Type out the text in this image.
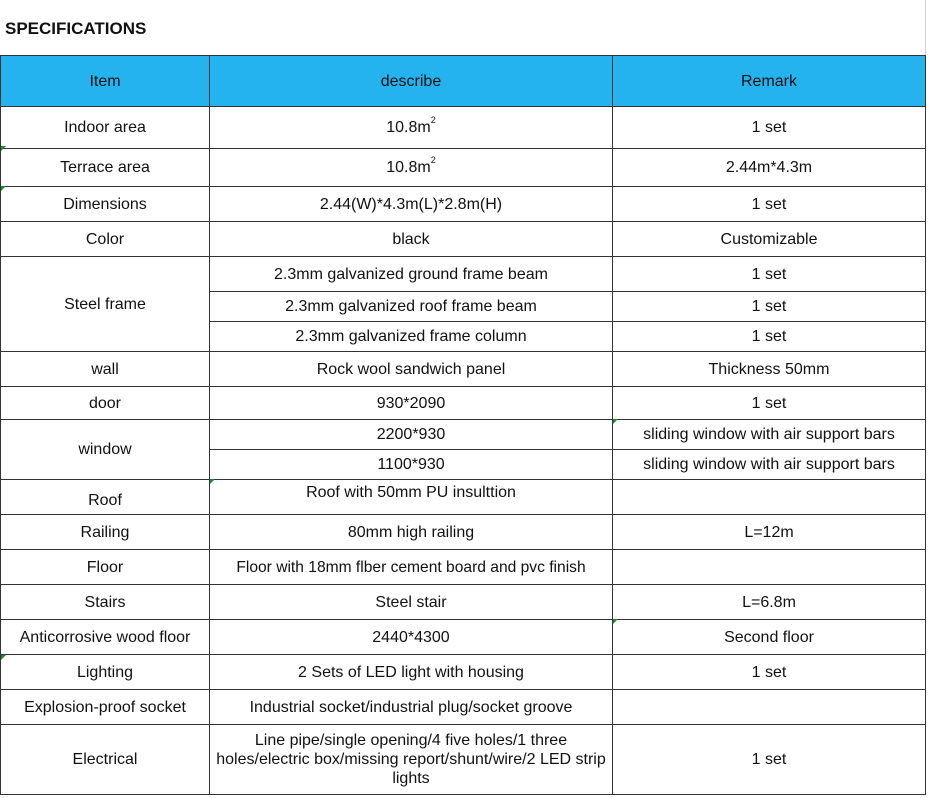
SPECIFICATIONS
Item	describe	Remark
Indoor area	$10.8m^2$	1 set
Terrace area	$10.8m^2$	2.44m*4.3m
Dimensions	2.44(W)*4.3m(L)*2.8m(H)	1 set
Color	black	Customizable
Steel frame	2.3mm galvanized ground frame beam	1 set
	2.3mm galvanized roof frame beam	1 set
	2.3mm galvanized frame column	1 set
wall	Rock wool sandwich panel	Thickness 50mm
door	930*2090	1 set
window	2200*930	sliding window with air support bars
	1100*930	sliding window with air support bars
Roof	Roof with 50mm PU insulttion	
Railing	80mm high railing	L=12m
Floor	Floor with 18mm flber cement board and pvc finish	
Stairs	Steel stair	L=6.8m
Anticorrosive wood floor	2440*4300	Second floor
Lighting	2 Sets of LED light with housing	1 set
Explosion-proof socket	Industrial socket/industrial plug/socket groove	
Electrical	Line pipe/single opening/4 five holes/1 three holes/electric box/missing report/shunt/wire/2 LED strip lights	1 set
